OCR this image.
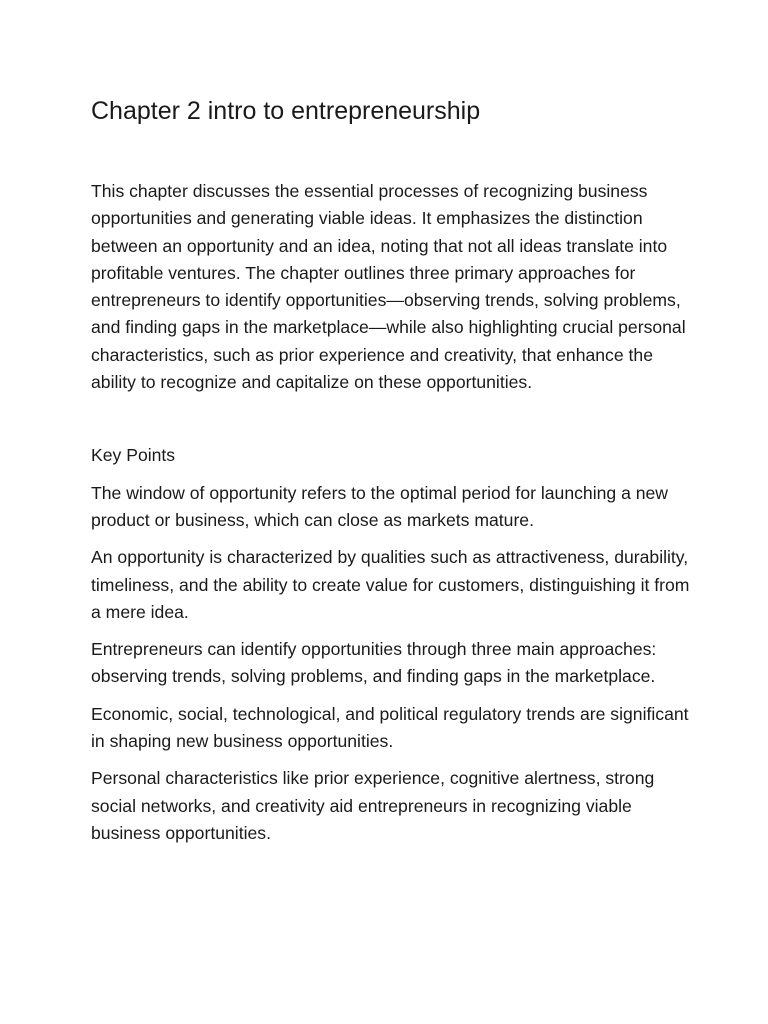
Chapter 2 intro to entrepreneurship

This chapter discusses the essential processes of recognizing business opportunities and generating viable ideas. It emphasizes the distinction between an opportunity and an idea, noting that not all ideas translate into profitable ventures. The chapter outlines three primary approaches for entrepreneurs to identify opportunities—observing trends, solving problems, and finding gaps in the marketplace—while also highlighting crucial personal characteristics, such as prior experience and creativity, that enhance the ability to recognize and capitalize on these opportunities.

Key Points
The window of opportunity refers to the optimal period for launching a new product or business, which can close as markets mature.
An opportunity is characterized by qualities such as attractiveness, durability, timeliness, and the ability to create value for customers, distinguishing it from a mere idea.
Entrepreneurs can identify opportunities through three main approaches: observing trends, solving problems, and finding gaps in the marketplace.
Economic, social, technological, and political regulatory trends are significant in shaping new business opportunities.
Personal characteristics like prior experience, cognitive alertness, strong social networks, and creativity aid entrepreneurs in recognizing viable business opportunities.
